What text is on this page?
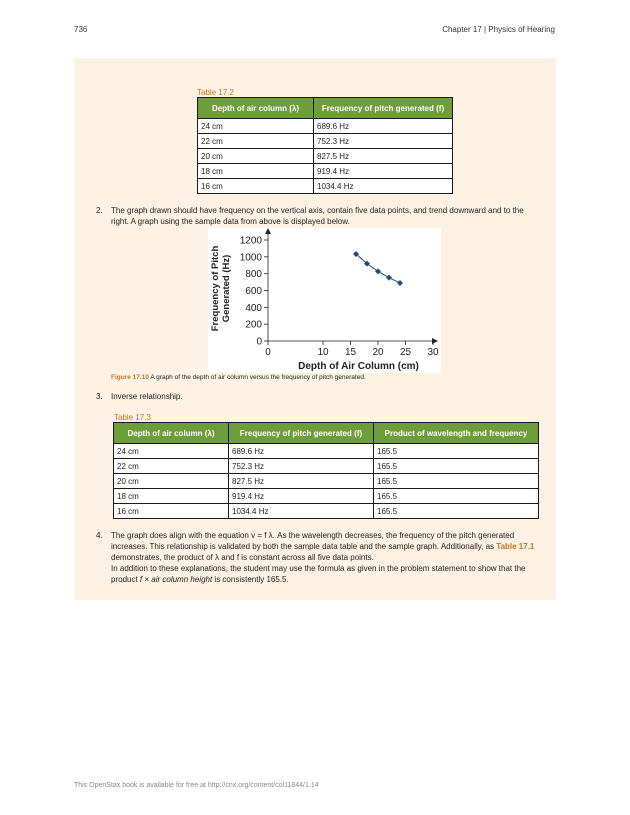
736	Chapter 17 | Physics of Hearing
Table 17.2
Depth of air column (λ)	Frequency of pitch generated (f)
24 cm	689.6 Hz
22 cm	752.3 Hz
20 cm	827.5 Hz
18 cm	919.4 Hz
16 cm	1034.4 Hz
2. The graph drawn should have frequency on the vertical axis, contain five data points, and trend downward and to the right. A graph using the sample data from above is displayed below.
0
200
400
600
800
1000
1200
0	10 15 20 25 30
Depth of Air Column (cm)
Frequency of Pitch Generated (Hz)
Figure 17.10 A graph of the depth of air column versus the frequency of pitch generated.
3. Inverse relationship.
Table 17.3
Depth of air column (λ)	Frequency of pitch generated (f)	Product of wavelength and frequency
24 cm	689.6 Hz	165.5
22 cm	752.3 Hz	165.5
20 cm	827.5 Hz	165.5
18 cm	919.4 Hz	165.5
16 cm	1034.4 Hz	165.5
4. The graph does align with the equation v = f λ. As the wavelength decreases, the frequency of the pitch generated increases. This relationship is validated by both the sample data table and the sample graph. Additionally, as Table 17.1 demonstrates, the product of λ and f is constant across all five data points.
In addition to these explanations, the student may use the formula as given in the problem statement to show that the product f × air column height is consistently 165.5.
This OpenStax book is available for free at http://cnx.org/content/col11844/1.14
